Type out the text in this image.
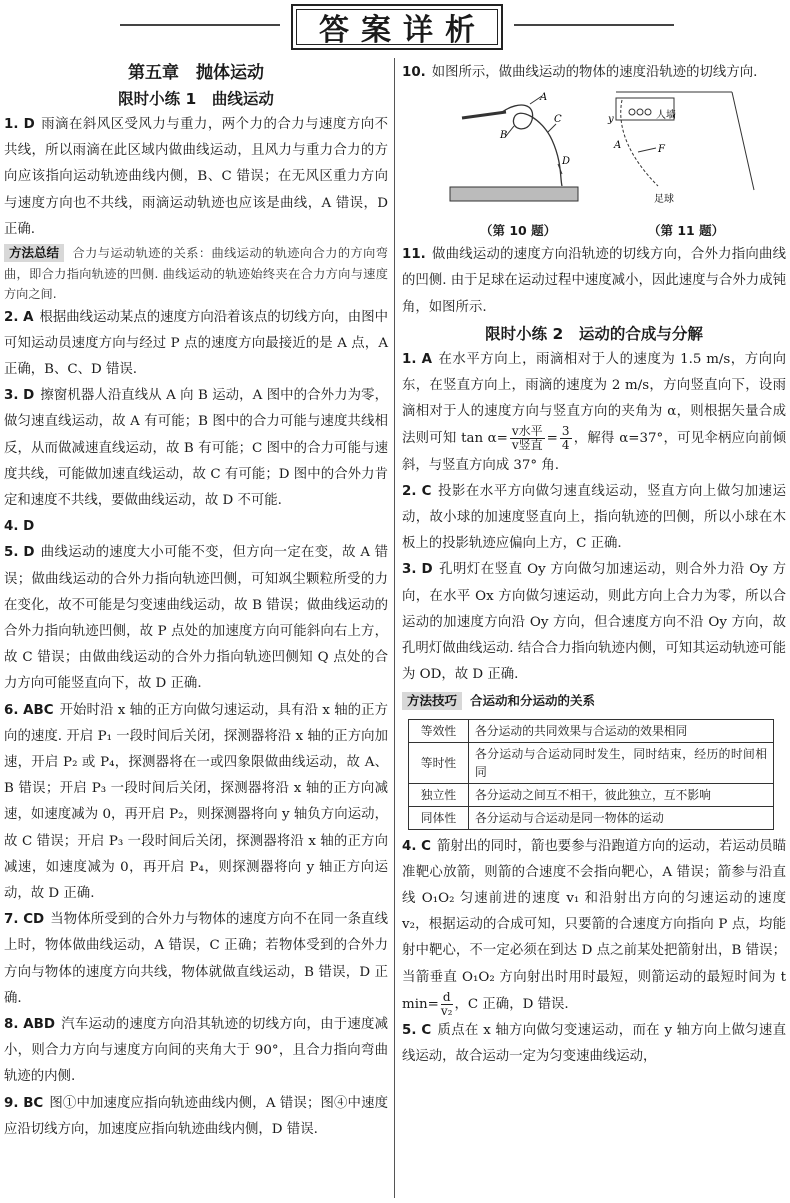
答案详析
第五章　抛体运动
限时小练 1　曲线运动

1. D 雨滴在斜风区受风力与重力，两个力的合力与速度方向不共线，所以雨滴在此区域内做曲线运动，且风力与重力合力的方向应该指向运动轨迹曲线内侧，B、C 错误；在无风区重力方向与速度方向也不共线，雨滴运动轨迹也应该是曲线，A 错误，D 正确.

方法总结 合力与运动轨迹的关系：曲线运动的轨迹向合力的方向弯曲，即合力指向轨迹的凹侧. 曲线运动的轨迹始终夹在合力方向与速度方向之间.

2. A 根据曲线运动某点的速度方向沿着该点的切线方向，由图中可知运动员速度方向与经过 P 点的速度方向最接近的是 A 点，A 正确，B、C、D 错误.

3. D 擦窗机器人沿直线从 A 向 B 运动，A 图中的合外力为零，做匀速直线运动，故 A 有可能；B 图中的合力可能与速度共线相反，从而做减速直线运动，故 B 有可能；C 图中的合力可能与速度共线，可能做加速直线运动，故 C 有可能；D 图中的合外力肯定和速度不共线，要做曲线运动，故 D 不可能.

4. D

5. D 曲线运动的速度大小可能不变，但方向一定在变，故 A 错误；做曲线运动的合外力指向轨迹凹侧，可知飒尘颗粒所受的力在变化，故不可能是匀变速曲线运动，故 B 错误；做曲线运动的合外力指向轨迹凹侧，故 P 点处的加速度方向可能斜向右上方，故 C 错误；由做曲线运动的合外力指向轨迹凹侧知 Q 点处的合力方向可能竖直向下，故 D 正确.

6. ABC 开始时沿 x 轴的正方向做匀速运动，具有沿 x 轴的正方向的速度. 开启 P₁ 一段时间后关闭，探测器将沿 x 轴的正方向加速，开启 P₂ 或 P₄，探测器将在一或四象限做曲线运动，故 A、B 错误；开启 P₃ 一段时间后关闭，探测器将沿 x 轴的正方向减速，如速度减为 0，再开启 P₂，则探测器将向 y 轴负方向运动，故 C 错误；开启 P₃ 一段时间后关闭，探测器将沿 x 轴的正方向减速，如速度减为 0，再开启 P₄，则探测器将向 y 轴正方向运动，故 D 正确.

7. CD 当物体所受到的合外力与物体的速度方向不在同一条直线上时，物体做曲线运动，A 错误，C 正确；若物体受到的合外力方向与物体的速度方向共线，物体就做直线运动，B 错误，D 正确.

8. ABD 汽车运动的速度方向沿其轨迹的切线方向，由于速度减小，则合力方向与速度方向间的夹角大于 90°，且合力指向弯曲轨迹的内侧.

9. BC 图①中加速度应指向轨迹曲线内侧，A 错误；图④中速度应沿切线方向，加速度应指向轨迹曲线内侧，D 错误.

10. 如图所示，做曲线运动的物体的速度沿轨迹的切线方向.

A
B
C
D
y
A
人墙
F
足球
（第 10 题）	（第 11 题）

11. 做曲线运动的速度方向沿轨迹的切线方向，合外力指向曲线的凹侧. 由于足球在运动过程中速度减小，因此速度与合外力成钝角，如图所示.

限时小练 2　运动的合成与分解

1. A 在水平方向上，雨滴相对于人的速度为 1.5 m/s，方向向东，在竖直方向上，雨滴的速度为 2 m/s，方向竖直向下，设雨滴相对于人的速度方向与竖直方向的夹角为 α，则根据矢量合成法则可知 $\tan \alpha= \frac{\text{v水平}}{\text{v竖直}} = \frac{3}{4}$ ，解得 α=37°，可见伞柄应向前倾斜，与竖直方向成 37° 角.

2. C 投影在水平方向做匀速直线运动，竖直方向上做匀加速运动，故小球的加速度竖直向上，指向轨迹的凹侧，所以小球在木板上的投影轨迹应偏向上方，C 正确.

3. D 孔明灯在竖直 Oy 方向做匀加速运动，则合外力沿 Oy 方向，在水平 Ox 方向做匀速运动，则此方向上合力为零，所以合运动的加速度方向沿 Oy 方向，但合速度方向不沿 Oy 方向，故孔明灯做曲线运动. 结合合力指向轨迹内侧，可知其运动轨迹可能为 OD，故 D 正确.

方法技巧 合运动和分运动的关系

等效性	各分运动的共同效果与合运动的效果相同
等时性	各分运动与合运动同时发生，同时结束，经历的时间相同
独立性	各分运动之间互不相干，彼此独立，互不影响
同体性	各分运动与合运动是同一物体的运动

4. C 箭射出的同时，箭也要参与沿跑道方向的运动，若运动员瞄准靶心放箭，则箭的合速度不会指向靶心，A 错误；箭参与沿直线 O₁O₂ 匀速前进的速度 v₁ 和沿射出方向的匀速运动的速度 v₂，根据运动的合成可知，只要箭的合速度方向指向 P 点，均能射中靶心，不一定必须在到达 D 点之前某处把箭射出，B 错误；当箭垂直 O₁O₂ 方向射出时用时最短，则箭运动的最短时间为 t $\min= \frac{d}{\text{v₂}}$ ，C 正确，D 错误.

5. C 质点在 x 轴方向做匀变速运动，而在 y 轴方向上做匀速直线运动，故合运动一定为匀变速曲线运动，
